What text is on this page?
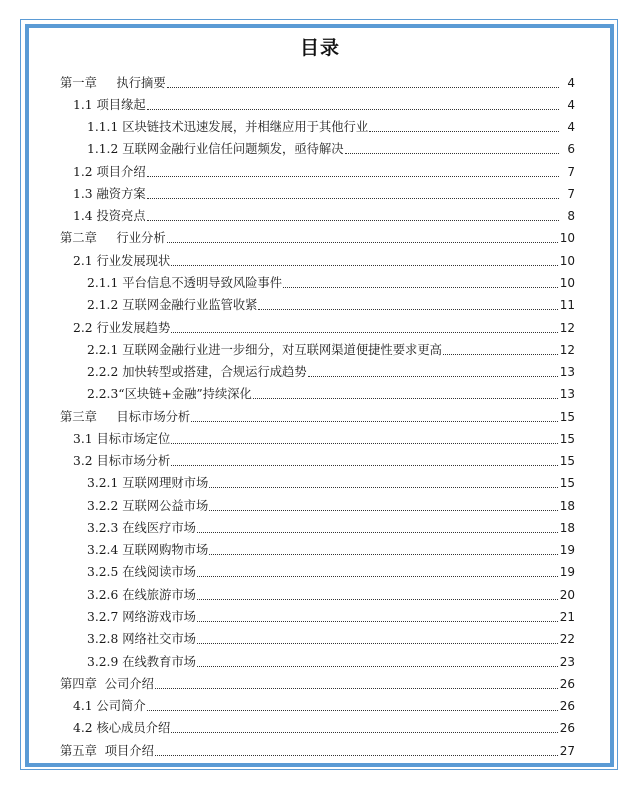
目录
第一章     执行摘要	4
1.1 项目缘起	4
1.1.1 区块链技术迅速发展，并相继应用于其他行业	4
1.1.2 互联网金融行业信任问题频发，亟待解决	6
1.2 项目介绍	7
1.3 融资方案	7
1.4 投资亮点	8
第二章     行业分析	10
2.1 行业发展现状	10
2.1.1 平台信息不透明导致风险事件	10
2.1.2 互联网金融行业监管收紧	11
2.2 行业发展趋势	12
2.2.1 互联网金融行业进一步细分，对互联网渠道便捷性要求更高	12
2.2.2 加快转型或搭建，合规运行成趋势	13
2.2.3“区块链+金融”持续深化	13
第三章     目标市场分析	15
3.1 目标市场定位	15
3.2 目标市场分析	15
3.2.1 互联网理财市场	15
3.2.2 互联网公益市场	18
3.2.3 在线医疗市场	18
3.2.4 互联网购物市场	19
3.2.5 在线阅读市场	19
3.2.6 在线旅游市场	20
3.2.7 网络游戏市场	21
3.2.8 网络社交市场	22
3.2.9 在线教育市场	23
第四章  公司介绍	26
4.1 公司简介	26
4.2 核心成员介绍	26
第五章  项目介绍	27
